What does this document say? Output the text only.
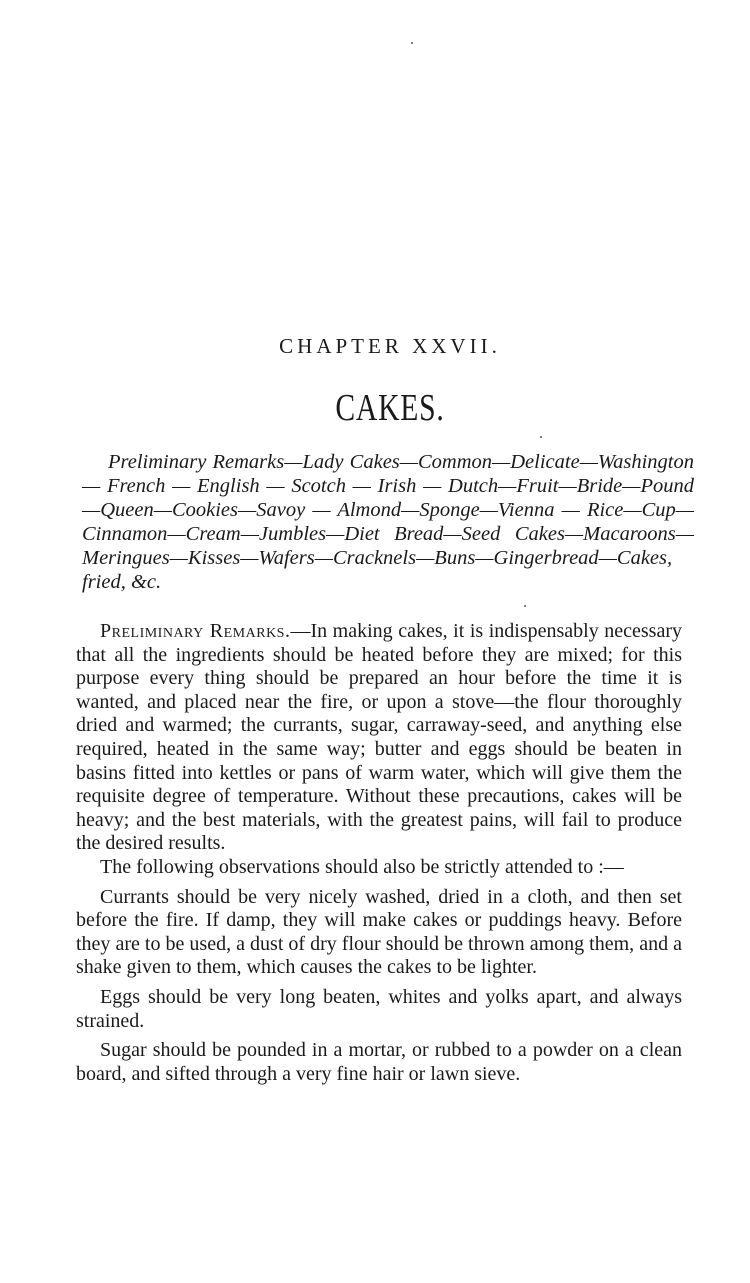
CHAPTER XXVII.
CAKES.

Preliminary Remarks—Lady Cakes—Common—Delicate—Washington — French — English — Scotch — Irish — Dutch—Fruit—Bride—Pound—Queen—Cookies—Savoy — Almond—Sponge—Vienna — Rice—Cup—Cinnamon—Cream—Jumbles—Diet Bread—Seed Cakes—Macaroons—Meringues—Kisses—Wafers—Cracknels—Buns—Gingerbread—Cakes, fried, &c.

Preliminary Remarks.—In making cakes, it is indispensably necessary that all the ingredients should be heated before they are mixed; for this purpose every thing should be prepared an hour before the time it is wanted, and placed near the fire, or upon a stove—the flour thoroughly dried and warmed; the currants, sugar, carraway-seed, and anything else required, heated in the same way; butter and eggs should be beaten in basins fitted into kettles or pans of warm water, which will give them the requisite degree of temperature. Without these precautions, cakes will be heavy; and the best materials, with the greatest pains, will fail to produce the desired results.

The following observations should also be strictly attended to :—

Currants should be very nicely washed, dried in a cloth, and then set before the fire. If damp, they will make cakes or puddings heavy. Before they are to be used, a dust of dry flour should be thrown among them, and a shake given to them, which causes the cakes to be lighter.

Eggs should be very long beaten, whites and yolks apart, and always strained.

Sugar should be pounded in a mortar, or rubbed to a powder on a clean board, and sifted through a very fine hair or lawn sieve.
